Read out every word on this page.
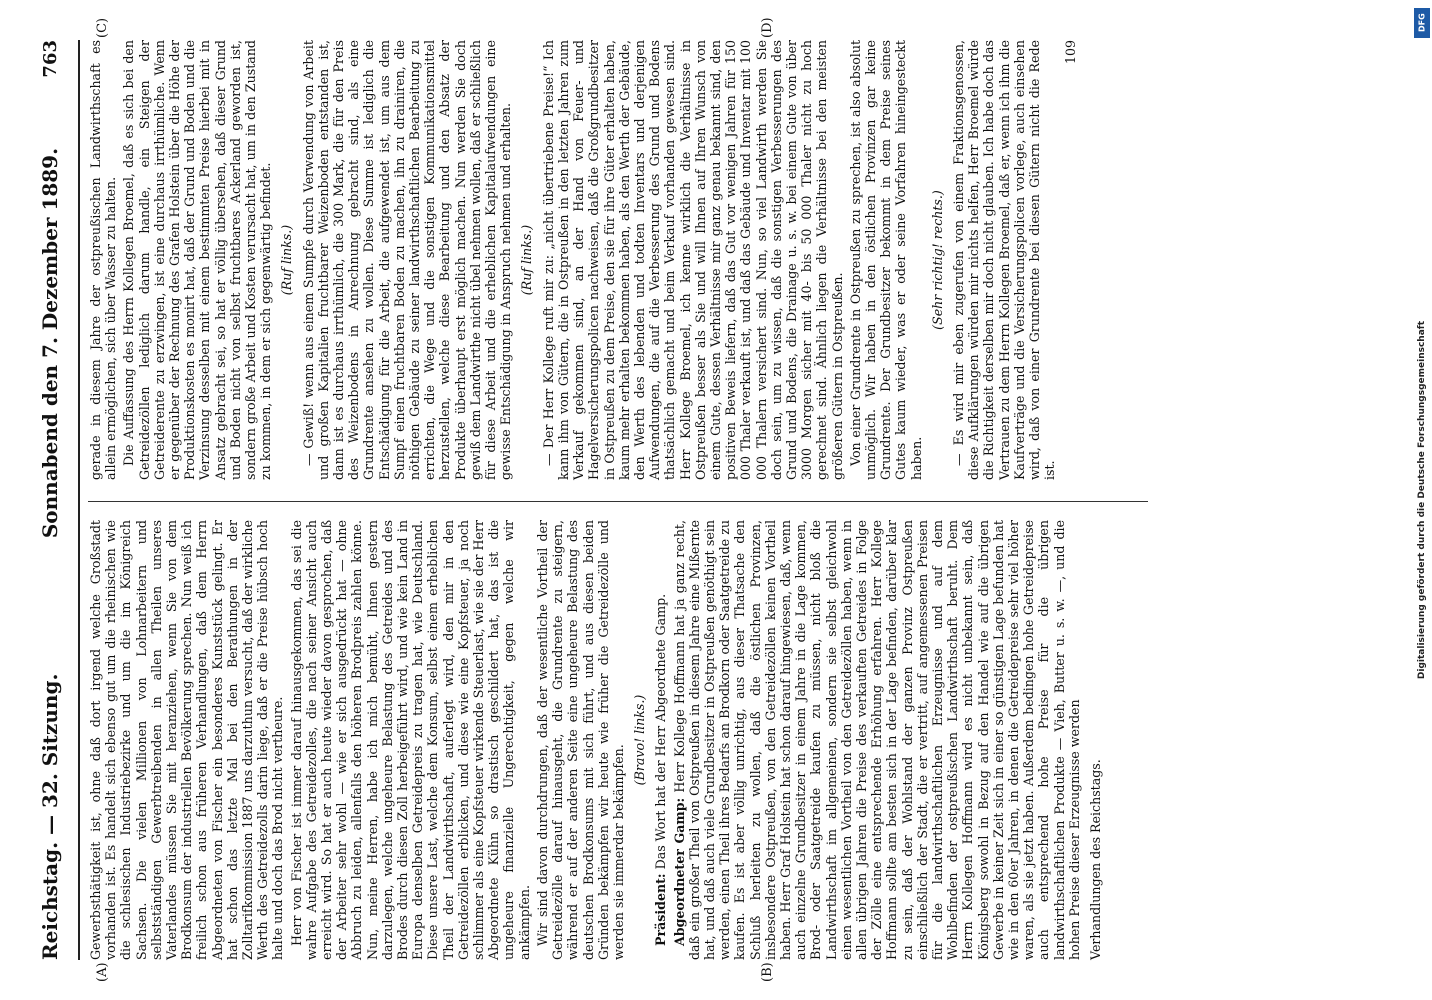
Reichstag. — 32. Sitzung.
Sonnabend den 7. Dezember 1889.
763
(A)	(B)
(C)	(D)

Gewerbsthätigkeit ist, ohne daß dort irgend welche Großstadt vorhanden ist. Es handelt sich ebenso gut um die rheinischen wie die schlesischen Industriebezirke und um die im Königreich Sachsen. Die vielen Millionen von Lohnarbeitern und selbstständigen Gewerbtreibenden in allen Theilen unseres Vaterlandes müssen Sie mit heranziehen, wenn Sie von dem Brodkonsum der industriellen Bevölkerung sprechen. Nun weiß ich freilich schon aus früheren Verhandlungen, daß dem Herrn Abgeordneten von Fischer ein besonderes Kunststück gelingt. Er hat schon das letzte Mal bei den Berathungen in der Zolltarifkommission 1887 uns darzuthun versucht, daß der wirkliche Werth des Getreidezolls darin liege, daß er die Preise hübsch hoch halte und doch das Brod nicht vertheure. Herr von Fischer ist immer darauf hinausgekommen, das sei die wahre Aufgabe des Getreidezolles, die nach seiner Ansicht auch erreicht wird. So hat er auch heute wieder davon gesprochen, daß der Arbeiter sehr wohl — wie er sich ausgedrückt hat — ohne Abbruch zu leiden, allenfalls den höheren Brodpreis zahlen könne. Nun, meine Herren, habe ich mich bemüht, Ihnen gestern darzulegen, welche ungeheure Belastung des Getreides und des Brodes durch diesen Zoll herbeigeführt wird, und wie kein Land in Europa denselben Getreidepreis zu tragen hat, wie Deutschland. Diese unsere Last, welche dem Konsum, selbst einem erheblichen Theil der Landwirthschaft, auferlegt wird, den mir in den Getreidezöllen erblicken, und diese wie eine Kopfsteuer, ja noch schlimmer als eine Kopfsteuer wirkende Steuerlast, wie sie der Herr Abgeordnete Kühn so drastisch geschildert hat, das ist die ungeheure finanzielle Ungerechtigkeit, gegen welche wir ankämpfen. Wir sind davon durchdrungen, daß der wesentliche Vortheil der Getreidezölle darauf hinausgeht, die Grundrente zu steigern, während er auf der anderen Seite eine ungeheure Belastung des deutschen Brodkonsums mit sich führt, und aus diesen beiden Gründen bekämpfen wir heute wie früher die Getreidezölle und werden sie immerdar bekämpfen.

(Bravo! links.)

Präsident: Das Wort hat der Herr Abgeordnete Gamp.

Abgeordneter Gamp: Herr Kollege Hoffmann hat ja ganz recht, daß ein großer Theil von Ostpreußen in diesem Jahre eine Mißernte hat, und daß auch viele Grundbesitzer in Ostpreußen genöthigt sein werden, einen Theil ihres Bedarfs an Brodkorn oder Saatgetreide zu kaufen. Es ist aber völlig unrichtig, aus dieser Thatsache den Schluß herleiten zu wollen, daß die östlichen Provinzen, insbesondere Ostpreußen, von den Getreidezöllen keinen Vortheil haben. Herr Graf Holstein hat schon darauf hingewiesen, daß, wenn auch einzelne Grundbesitzer in einem Jahre in die Lage kommen, Brod- oder Saatgetreide kaufen zu müssen, nicht bloß die Landwirthschaft im allgemeinen, sondern sie selbst gleichwohl einen wesentlichen Vortheil von den Getreidezöllen haben, wenn in allen übrigen Jahren die Preise des verkauften Getreides in Folge der Zölle eine entsprechende Erhöhung erfahren. Herr Kollege Hoffmann sollte am besten sich in der Lage befinden, darüber klar zu sein, daß der Wohlstand der ganzen Provinz Ostpreußen einschließlich der Stadt, die er vertritt, auf angemessenen Preisen für die landwirthschaftlichen Erzeugnisse und auf dem Wohlbefinden der ostpreußischen Landwirthschaft beruht. Dem Herrn Kollegen Hoffmann wird es nicht unbekannt sein, daß Königsberg sowohl in Bezug auf den Handel wie auf die übrigen Gewerbe in keiner Zeit sich in einer so günstigen Lage befunden hat wie in den 60er Jahren, in denen die Getreidepreise sehr viel höher waren, als sie jetzt haben. Außerdem bedingen hohe Getreidepreise auch entsprechend hohe Preise für die übrigen landwirthschaftlichen Produkte — Vieh, Butter u. s. w. —, und die hohen Preise dieser Erzeugnisse werden Verhandlungen des Reichstags.

gerade in diesem Jahre der ostpreußischen Landwirthschaft es allein ermöglichen, sich über Wasser zu halten. Die Auffassung des Herrn Kollegen Broemel, daß es sich bei den Getreidezöllen lediglich darum handle, ein Steigen der Getreiderente zu erzwingen, ist eine durchaus irrthümliche. Wenn er gegenüber der Rechnung des Grafen Holstein über die Höhe der Produktionskosten es monirt hat, daß der Grund und Boden und die Verzinsung desselben mit einem bestimmten Preise hierbei mit in Ansatz gebracht sei, so hat er völlig übersehen, daß dieser Grund und Boden nicht von selbst fruchtbares Ackerland geworden ist, sondern große Arbeit und Kosten verursacht hat, um in den Zustand zu kommen, in dem er sich gegenwärtig befindet. (Ruf links.) — Gewiß! wenn aus einem Sumpfe durch Verwendung von Arbeit und großen Kapitalien fruchtbarer Weizenboden entstanden ist, dann ist es durchaus irrthümlich, die 300 Mark, die für den Preis des Weizenbodens in Anrechnung gebracht sind, als eine Grundrente ansehen zu wollen. Diese Summe ist lediglich die Entschädigung für die Arbeit, die aufgewendet ist, um aus dem Sumpf einen fruchtbaren Boden zu machen, ihn zu drainiren, die nöthigen Gebäude zu seiner landwirthschaftlichen Bearbeitung zu errichten, die Wege und die sonstigen Kommunikationsmittel herzustellen, welche diese Bearbeitung und den Absatz der Produkte überhaupt erst möglich machen. Nun werden Sie doch gewiß dem Landwirthe nicht übel nehmen wollen, daß er schließlich für diese Arbeit und die erheblichen Kapitalaufwendungen eine gewisse Entschädigung in Anspruch nehmen und erhalten. (Ruf links.) — Der Herr Kollege ruft mir zu: „nicht übertriebene Preise!“ Ich kann ihm von Gütern, die in Ostpreußen in den letzten Jahren zum Verkauf gekommen sind, an der Hand von Feuer- und Hagelversicherungspolicen nachweisen, daß die Großgrundbesitzer in Ostpreußen zu dem Preise, den sie für ihre Güter erhalten haben, kaum mehr erhalten bekommen haben, als den Werth der Gebäude, den Werth des lebenden und todten Inventars und derjenigen Aufwendungen, die auf die Verbesserung des Grund und Bodens thatsächlich gemacht und beim Verkauf vorhanden gewesen sind. Herr Kollege Broemel, ich kenne wirklich die Verhältnisse in Ostpreußen besser als Sie und will Ihnen auf Ihren Wunsch von einem Gute, dessen Verhältnisse mir ganz genau bekannt sind, den positiven Beweis liefern, daß das Gut vor wenigen Jahren für 150 000 Thaler verkauft ist, und daß das Gebäude und Inventar mit 100 000 Thalern versichert sind. Nun, so viel Landwirth werden Sie doch sein, um zu wissen, daß die sonstigen Verbesserungen des Grund und Bodens, die Drainage u. s. w. bei einem Gute von über 3000 Morgen sicher mit 40- bis 50 000 Thaler nicht zu hoch gerechnet sind. Ähnlich liegen die Verhältnisse bei den meisten größeren Gütern in Ostpreußen. Von einer Grundrente in Ostpreußen zu sprechen, ist also absolut unmöglich. Wir haben in den östlichen Provinzen gar keine Grundrente. Der Grundbesitzer bekommt in dem Preise seines Gutes kaum wieder, was er oder seine Vorfahren hineingesteckt haben.

(Sehr richtig! rechts.) — Es wird mir eben zugerufen von einem Fraktionsgenossen, diese Aufklärungen würden mir nichts helfen, Herr Broemel würde die Richtigkeit derselben mir doch nicht glauben. Ich habe doch das Vertrauen zu dem Herrn Kollegen Broemel, daß er, wenn ich ihm die Kaufverträge und die Versicherungspolicen vorlege, auch einsehen wird, daß von einer Grundrente bei diesen Gütern nicht die Rede ist.

109

Digitalisierung gefördert durch die Deutsche Forschungsgemeinschaft
DFG
